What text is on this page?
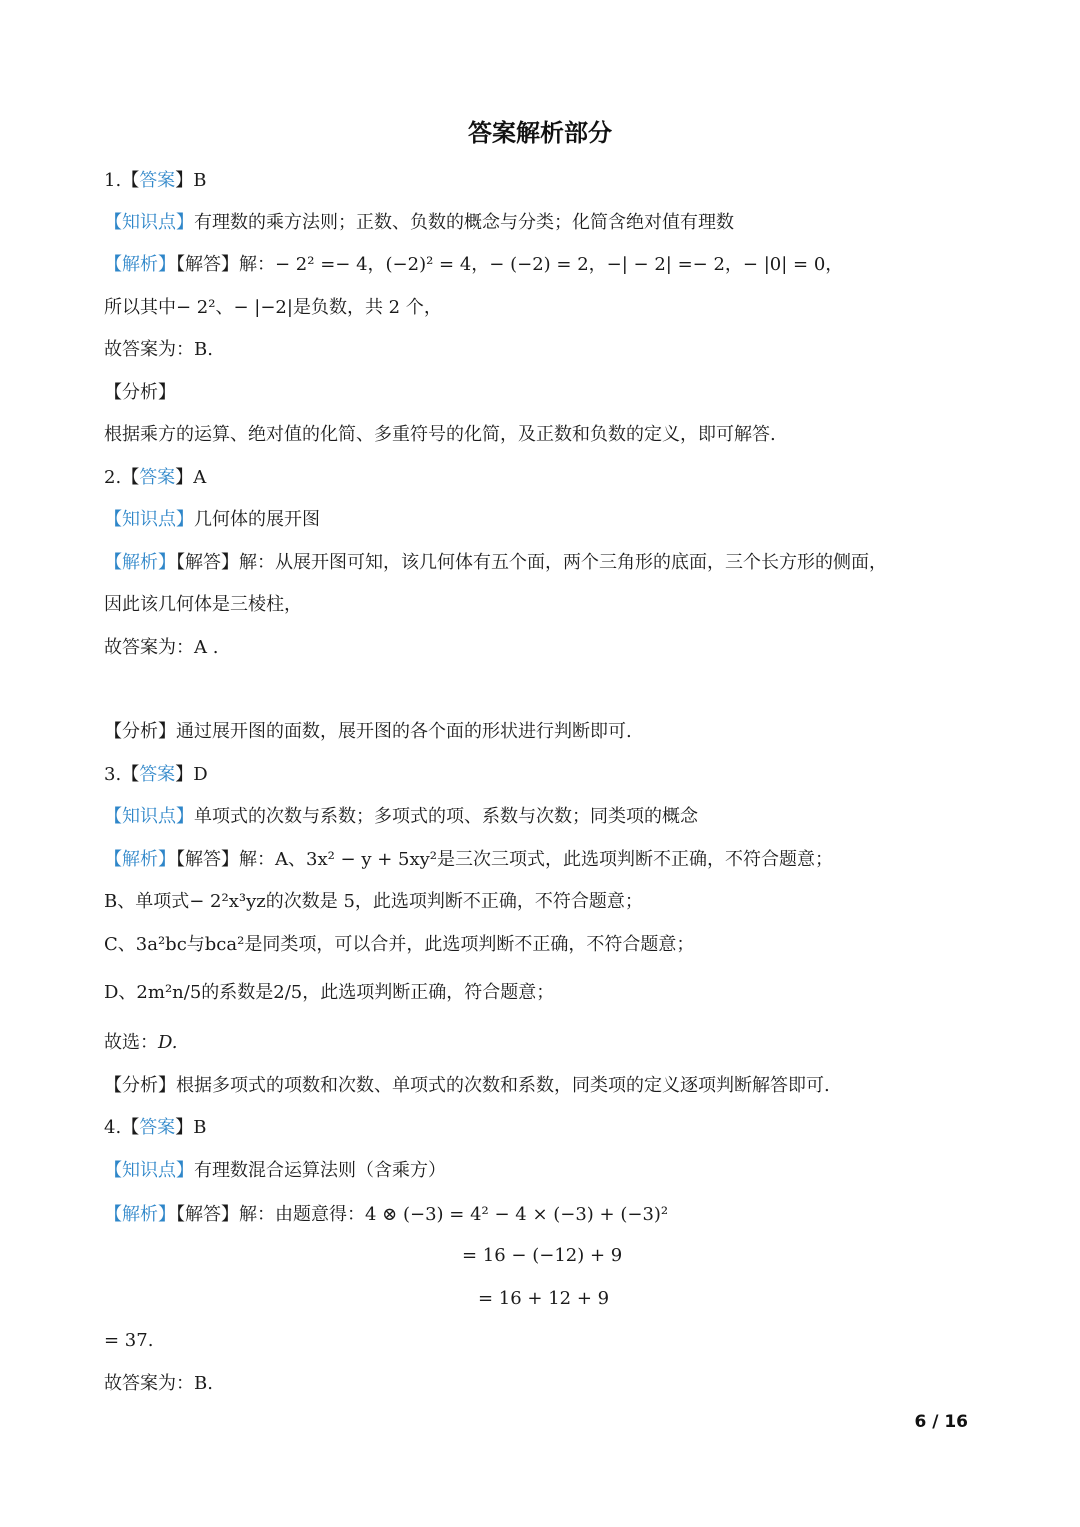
答案解析部分
1.【答案】B
【知识点】有理数的乘方法则；正数、负数的概念与分类；化简含绝对值有理数
【解析】【解答】解：− 2² =− 4，(−2)² = 4，− (−2) = 2，−| − 2| =− 2，− |0| = 0，
所以其中− 2²、− |−2|是负数，共 2 个，
故答案为：B.
【分析】
根据乘方的运算、绝对值的化简、多重符号的化简，及正数和负数的定义，即可解答.
2.【答案】A
【知识点】几何体的展开图
【解析】【解答】解：从展开图可知，该几何体有五个面，两个三角形的底面，三个长方形的侧面，
因此该几何体是三棱柱，
故答案为：A .
【分析】通过展开图的面数，展开图的各个面的形状进行判断即可.
3.【答案】D
【知识点】单项式的次数与系数；多项式的项、系数与次数；同类项的概念
【解析】【解答】解：A、3x² − y + 5xy²是三次三项式，此选项判断不正确，不符合题意；
B、单项式− 2²x³yz的次数是 5，此选项判断不正确，不符合题意；
C、3a²bc与bca²是同类项，可以合并，此选项判断不正确，不符合题意；
D、2m²n/5的系数是2/5，此选项判断正确，符合题意；
故选：D.
【分析】根据多项式的项数和次数、单项式的次数和系数，同类项的定义逐项判断解答即可.
4.【答案】B
【知识点】有理数混合运算法则（含乘方）
【解析】【解答】解：由题意得：4 ⊗ (−3) = 4² − 4 × (−3) + (−3)²
= 16 − (−12) + 9
= 16 + 12 + 9
= 37.
故答案为：B.
6 / 16
